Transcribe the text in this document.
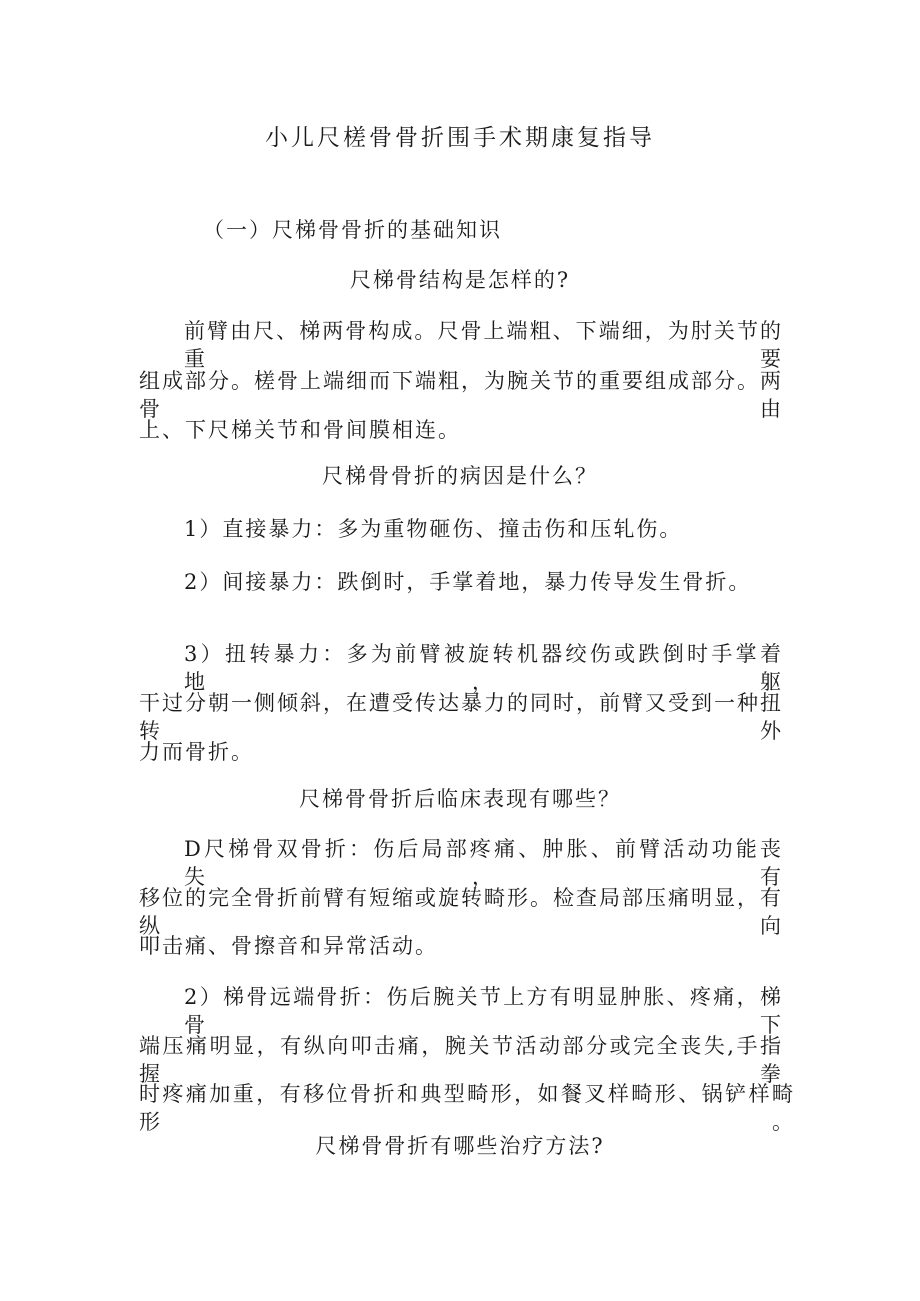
小儿尺槎骨骨折围手术期康复指导

（一）尺梯骨骨折的基础知识

尺梯骨结构是怎样的?

前臂由尺、梯两骨构成。尺骨上端粗、下端细，为肘关节的重要

组成部分。槎骨上端细而下端粗，为腕关节的重要组成部分。两骨由

上、下尺梯关节和骨间膜相连。

尺梯骨骨折的病因是什么？

1）直接暴力：多为重物砸伤、撞击伤和压轧伤。

2）间接暴力：跌倒时，手掌着地，暴力传导发生骨折。

3）扭转暴力：多为前臂被旋转机器绞伤或跌倒时手掌着地，躯

干过分朝一侧倾斜，在遭受传达暴力的同时，前臂又受到一种扭转外

力而骨折。

尺梯骨骨折后临床表现有哪些？

D尺梯骨双骨折：伤后局部疼痛、肿胀、前臂活动功能丧失，有

移位的完全骨折前臂有短缩或旋转畸形。检查局部压痛明显，有纵向

叩击痛、骨擦音和异常活动。

2）梯骨远端骨折：伤后腕关节上方有明显肿胀、疼痛，梯骨下

端压痛明显，有纵向叩击痛，腕关节活动部分或完全丧失,手指握拳

时疼痛加重，有移位骨折和典型畸形，如餐叉样畸形、锅铲样畸形。

尺梯骨骨折有哪些治疗方法?
